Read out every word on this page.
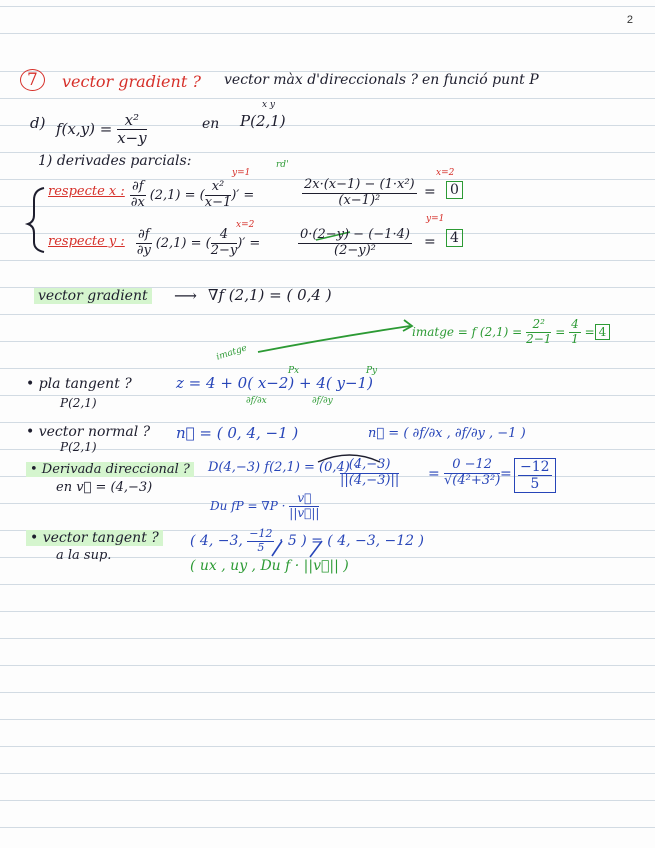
2
7	vector gradient ? vector màx d'direccionals ? en funció punt P
d) $f(x,y) = \frac{\text{x²}}{x-y}$	en
x y
P(2,1)
1) derivades parcials:
y=1
rd'
x=2
respecte x : $\frac{\partial f}{\partial x} (2,1)$ = ( $\frac{\text{x²}}{x-1}$ )′ =	$\frac{\text{2x·(x−1) − (1·x²)}}{\text{(x−1)²}} = 0$
x=2
y=1
respecte y : $\frac{\partial f}{\partial y} (2,1)$ = ( $\frac{4}{2-y}$ )′ =	$\frac{0\cdot(2-y) - (-1\cdot 4)}{\text{(2−y)²}} = 4$
vector gradient ⟶ ∇f (2,1) = ( 0,4 )
imatge = f $(2,1) = \frac{\text{2²}}{2-1} = \frac{4}{1} = 4$
imatge
Px	Py
• pla tangent ?
P(2,1)
z = 4 + 0( x−2) + 4( y−1)
∂f/∂x	∂f/∂y
• vector normal ?
P(2,1)
n⃗ = ( 0, 4, −1 )	n⃗ = ( ∂f/∂x , ∂f/∂y , −1 )
• Derivada direccional ?
en v⃗ = (4,−3)
D(4,−3) f(2,1) = (0,4) ·
$\frac{(4,-3)}{||(4,-3)||} = \frac{0 -12}{\text{√(4²+3²)}} = \frac{-12}{5}$
Du fP = $\nabla P \cdot \frac{v⃗}{||v⃗||}$
• vector tangent ?
a la sup.
( 4, −3, $\frac{-12}{5} \cdot 5$ ) = ( 4, −3, −12 )
( ux , uy , Du f · ||v⃗|| )
